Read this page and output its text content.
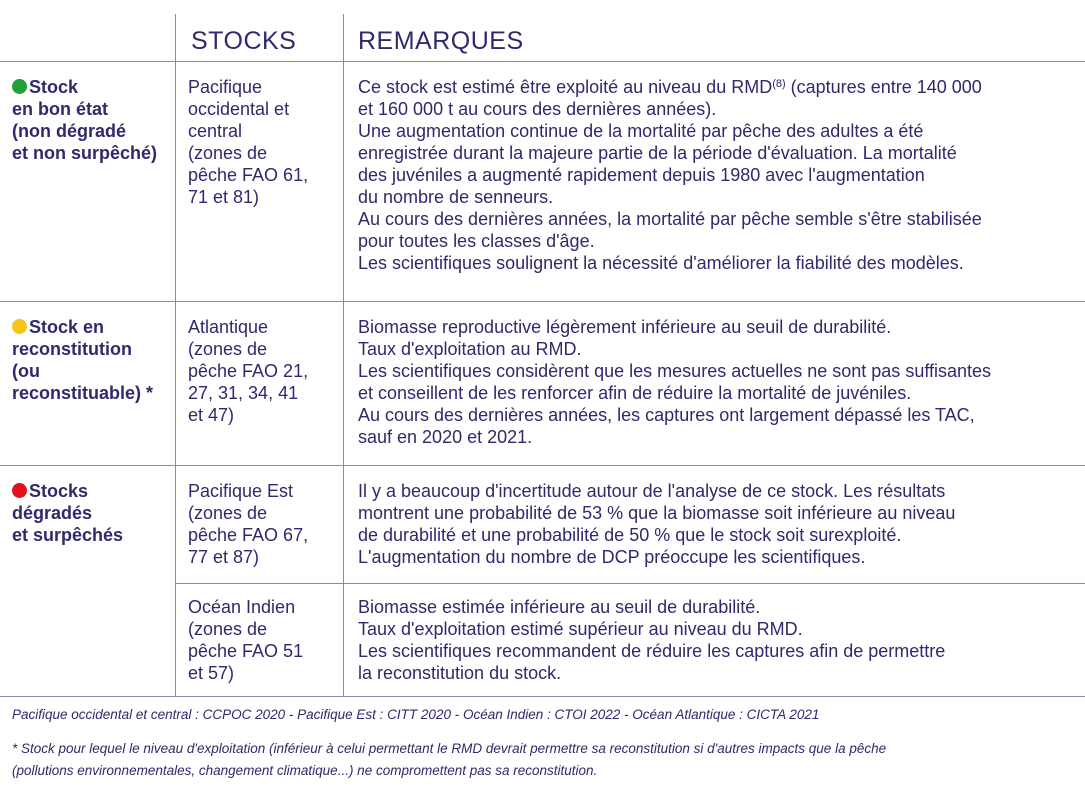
STOCKS REMARQUES
Stock
en bon état
(non dégradé
et non surpêché)
Pacifique
occidental et
central
(zones de
pêche FAO 61,
71 et 81)
Ce stock est estimé être exploité au niveau du RMD$^{(8)}$ (captures entre 140 000
et 160 000 t au cours des dernières années).
Une augmentation continue de la mortalité par pêche des adultes a été
enregistrée durant la majeure partie de la période d'évaluation. La mortalité
des juvéniles a augmenté rapidement depuis 1980 avec l'augmentation
du nombre de senneurs.
Au cours des dernières années, la mortalité par pêche semble s'être stabilisée
pour toutes les classes d'âge.
Les scientifiques soulignent la nécessité d'améliorer la fiabilité des modèles.
Stock en
reconstitution
(ou
reconstituable) *
Atlantique
(zones de
pêche FAO 21,
27, 31, 34, 41
et 47)
Biomasse reproductive légèrement inférieure au seuil de durabilité.
Taux d'exploitation au RMD.
Les scientifiques considèrent que les mesures actuelles ne sont pas suffisantes
et conseillent de les renforcer afin de réduire la mortalité de juvéniles.
Au cours des dernières années, les captures ont largement dépassé les TAC,
sauf en 2020 et 2021.
Stocks
dégradés
et surpêchés
Pacifique Est
(zones de
pêche FAO 67,
77 et 87)
Il y a beaucoup d'incertitude autour de l'analyse de ce stock. Les résultats
montrent une probabilité de 53 % que la biomasse soit inférieure au niveau
de durabilité et une probabilité de 50 % que le stock soit surexploité.
L'augmentation du nombre de DCP préoccupe les scientifiques.
Océan Indien
(zones de
pêche FAO 51
et 57)
Biomasse estimée inférieure au seuil de durabilité.
Taux d'exploitation estimé supérieur au niveau du RMD.
Les scientifiques recommandent de réduire les captures afin de permettre
la reconstitution du stock.
Pacifique occidental et central : CCPOC 2020 - Pacifique Est : CITT 2020 - Océan Indien : CTOI 2022 - Océan Atlantique : CICTA 2021
* Stock pour lequel le niveau d'exploitation (inférieur à celui permettant le RMD devrait permettre sa reconstitution si d'autres impacts que la pêche
(pollutions environnementales, changement climatique...) ne compromettent pas sa reconstitution.
